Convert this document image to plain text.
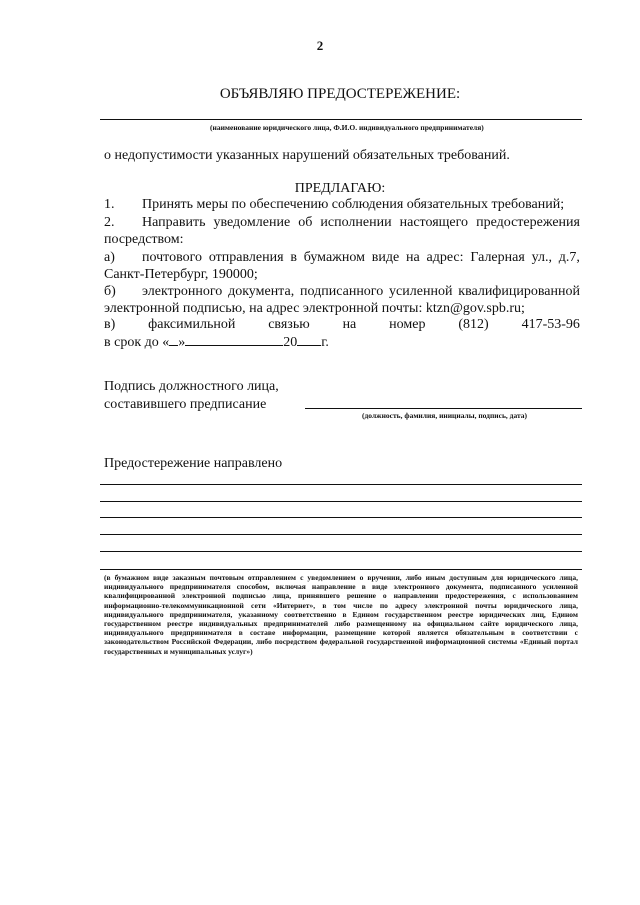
2
ОБЪЯВЛЯЮ ПРЕДОСТЕРЕЖЕНИЕ:
(наименование юридического лица, Ф.И.О. индивидуального предпринимателя)
о недопустимости указанных нарушений обязательных требований.
ПРЕДЛАГАЮ:
1. Принять меры по обеспечению соблюдения обязательных требований;
2. Направить уведомление об исполнении настоящего предостережения
посредством:
а) почтового отправления в бумажном виде на адрес: Галерная ул., д.7,
Санкт-Петербург, 190000;
б) электронного документа, подписанного усиленной квалифицированной
электронной подписью, на адрес электронной почты: ktzn@gov.spb.ru;
в) факсимильной связью на номер (812) 417-53-96
в срок до « »	20 г.
Подпись должностного лица,
составившего предписание
(должность, фамилия, инициалы, подпись, дата)
Предостережение направлено
(в бумажном виде заказным почтовым отправлением с уведомлением о вручении, либо иным доступным для юридического лица, индивидуального предпринимателя способом, включая направление в виде электронного документа, подписанного усиленной квалифицированной электронной подписью лица, принявшего решение о направлении предостережения, с использованием информационно-телекоммуникационной сети «Интернет», в том числе по адресу электронной почты юридического лица, индивидуального предпринимателя, указанному соответственно в Едином государственном реестре юридических лиц, Едином государственном реестре индивидуальных предпринимателей либо размещенному на официальном сайте юридического лица, индивидуального предпринимателя в составе информации, размещение которой является обязательным в соответствии с законодательством Российской Федерации, либо посредством федеральной государственной информационной системы «Единый портал государственных и муниципальных услуг»)
